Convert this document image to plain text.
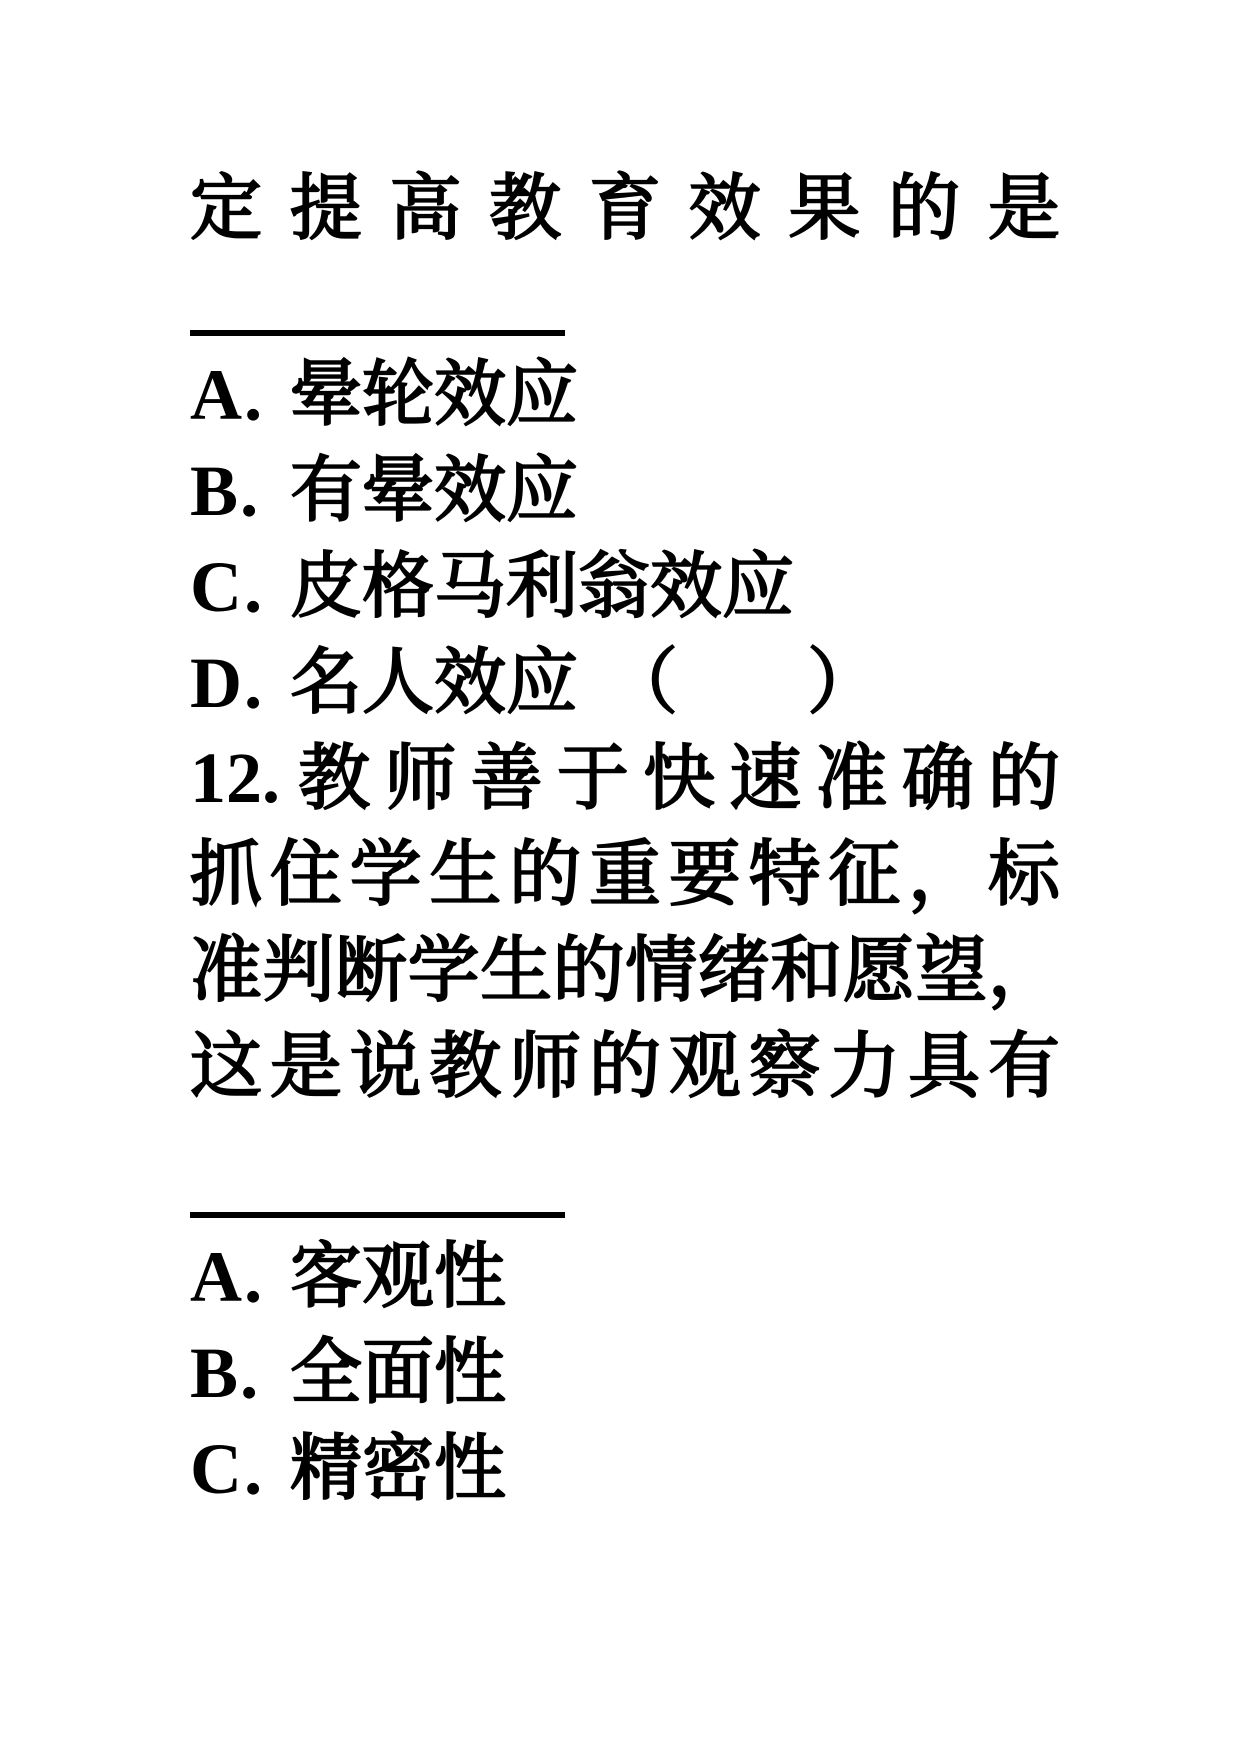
定 提 高 教 育 效 果 的 是
A．晕轮效应
B．有晕效应
C．皮格马利翁效应
D．名人效应 （ ）
12. 教 师 善 于 快 速 准 确 的
抓 住 学 生 的 重 要 特 征 ， 标
准 判 断 学 生 的 情 绪 和 愿 望 ，
这 是 说 教 师 的 观 察 力 具 有
A．客观性
B．全面性
C．精密性
